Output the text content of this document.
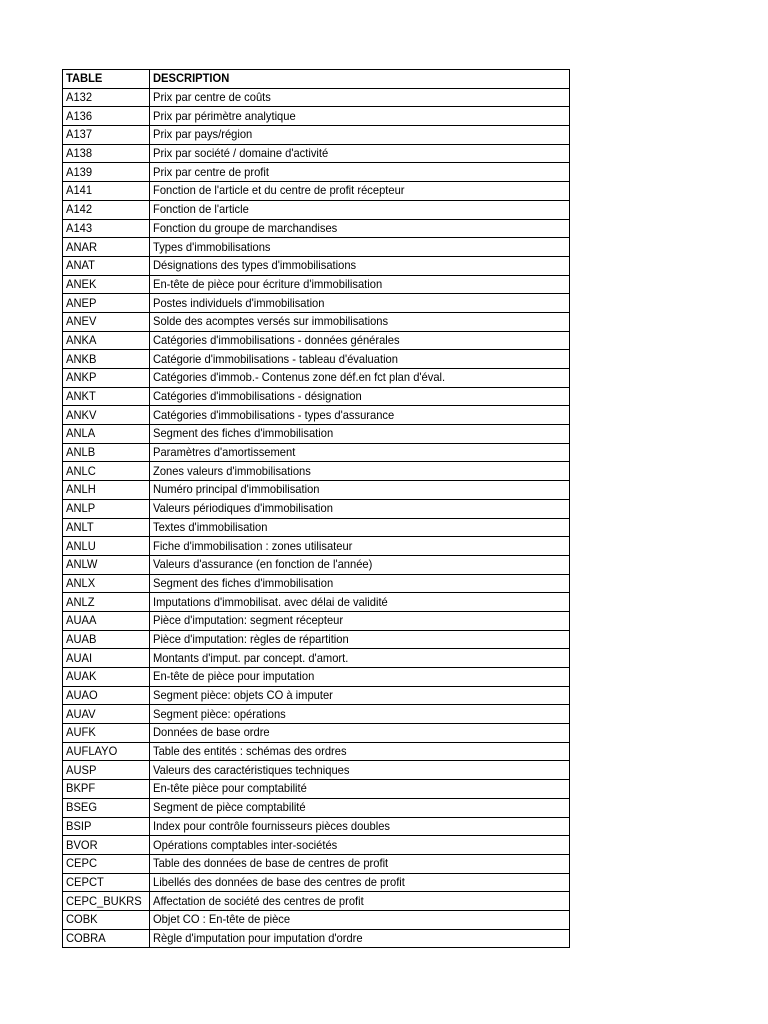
TABLE	DESCRIPTION
A132	Prix par centre de coûts
A136	Prix par périmètre analytique
A137	Prix par pays/région
A138	Prix par société / domaine d'activité
A139	Prix par centre de profit
A141	Fonction de l'article et du centre de profit récepteur
A142	Fonction de l'article
A143	Fonction du groupe de marchandises
ANAR	Types d'immobilisations
ANAT	Désignations des types d'immobilisations
ANEK	En-tête de pièce pour écriture d'immobilisation
ANEP	Postes individuels d'immobilisation
ANEV	Solde des acomptes versés sur immobilisations
ANKA	Catégories d'immobilisations - données générales
ANKB	Catégorie d'immobilisations - tableau d'évaluation
ANKP	Catégories d'immob.- Contenus zone déf.en fct plan d'éval.
ANKT	Catégories d'immobilisations - désignation
ANKV	Catégories d'immobilisations - types d'assurance
ANLA	Segment des fiches d'immobilisation
ANLB	Paramètres d'amortissement
ANLC	Zones valeurs d'immobilisations
ANLH	Numéro principal d'immobilisation
ANLP	Valeurs périodiques d'immobilisation
ANLT	Textes d'immobilisation
ANLU	Fiche d'immobilisation : zones utilisateur
ANLW	Valeurs d'assurance (en fonction de l'année)
ANLX	Segment des fiches d'immobilisation
ANLZ	Imputations d'immobilisat. avec délai de validité
AUAA	Pièce d'imputation: segment récepteur
AUAB	Pièce d'imputation: règles de répartition
AUAI	Montants d'imput. par concept. d'amort.
AUAK	En-tête de pièce pour imputation
AUAO	Segment pièce: objets CO à imputer
AUAV	Segment pièce: opérations
AUFK	Données de base ordre
AUFLAYO	Table des entités : schémas des ordres
AUSP	Valeurs des caractéristiques techniques
BKPF	En-tête pièce pour comptabilité
BSEG	Segment de pièce comptabilité
BSIP	Index pour contrôle fournisseurs pièces doubles
BVOR	Opérations comptables inter-sociétés
CEPC	Table des données de base de centres de profit
CEPCT	Libellés des données de base des centres de profit
CEPC_BUKRS	Affectation de société des centres de profit
COBK	Objet CO : En-tête de pièce
COBRA	Règle d'imputation pour imputation d'ordre
